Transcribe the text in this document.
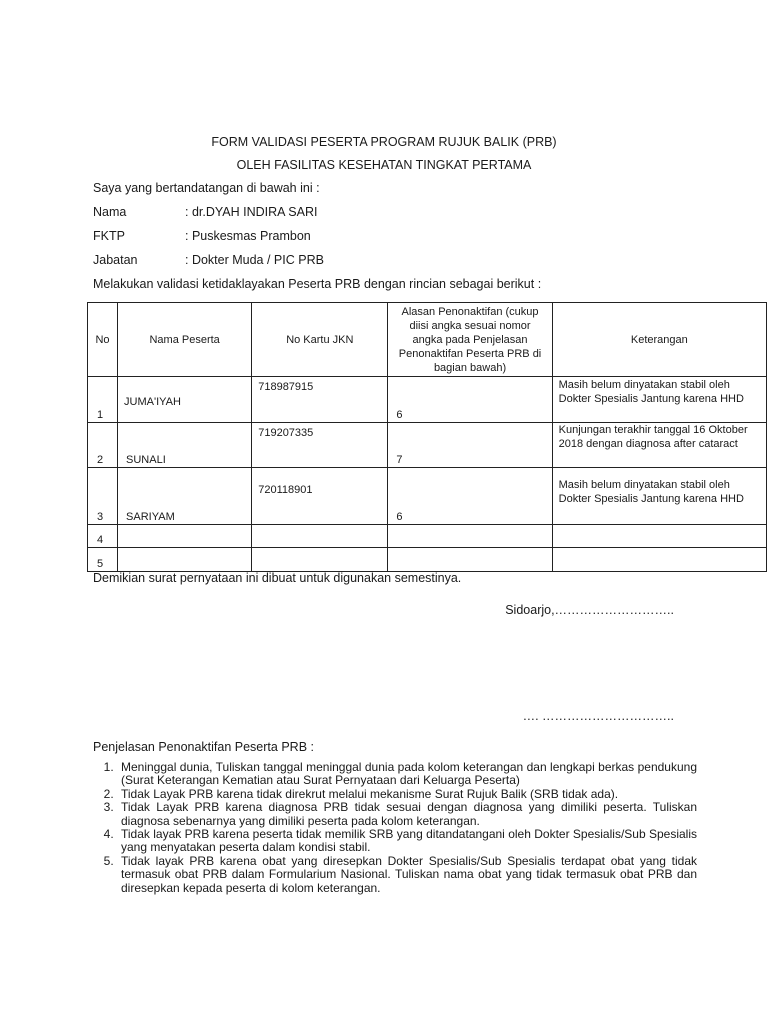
FORM VALIDASI PESERTA PROGRAM RUJUK BALIK (PRB)
OLEH FASILITAS KESEHATAN TINGKAT PERTAMA
Saya yang bertandatangan di bawah ini :
Nama	: dr.DYAH INDIRA SARI
FKTP	: Puskesmas Prambon
Jabatan	: Dokter Muda / PIC PRB
Melakukan validasi ketidaklayakan Peserta PRB dengan rincian sebagai berikut :
No	Nama Peserta	No Kartu JKN	Alasan Penonaktifan (cukup diisi angka sesuai nomor angka pada Penjelasan Penonaktifan Peserta PRB di bagian bawah)	Keterangan

1	JUMA'IYAH	718987915	6	Masih belum dinyatakan stabil oleh Dokter Spesialis Jantung karena HHD

2	SUNALI	719207335	7	Kunjungan terakhir tanggal 16 Oktober 2018 dengan diagnosa after cataract

3	SARIYAM	720118901	6	Masih belum dinyatakan stabil oleh Dokter Spesialis Jantung karena HHD

4				

5				

Demikian surat pernyataan ini dibuat untuk digunakan semestinya.
Sidoarjo,………………………..
…. …………………………..
Penjelasan Penonaktifan Peserta PRB :
1. Meninggal dunia, Tuliskan tanggal meninggal dunia pada kolom keterangan dan lengkapi berkas pendukung (Surat Keterangan Kematian atau Surat Pernyataan dari Keluarga Peserta)
2. Tidak Layak PRB karena tidak direkrut melalui mekanisme Surat Rujuk Balik (SRB tidak ada).
3. Tidak Layak PRB karena diagnosa PRB tidak sesuai dengan diagnosa yang dimiliki peserta. Tuliskan diagnosa sebenarnya yang dimiliki peserta pada kolom keterangan.
4. Tidak layak PRB karena peserta tidak memilik SRB yang ditandatangani oleh Dokter Spesialis/Sub Spesialis yang menyatakan peserta dalam kondisi stabil.
5. Tidak layak PRB karena obat yang diresepkan Dokter Spesialis/Sub Spesialis terdapat obat yang tidak termasuk obat PRB dalam Formularium Nasional. Tuliskan nama obat yang tidak termasuk obat PRB dan diresepkan kepada peserta di kolom keterangan.
